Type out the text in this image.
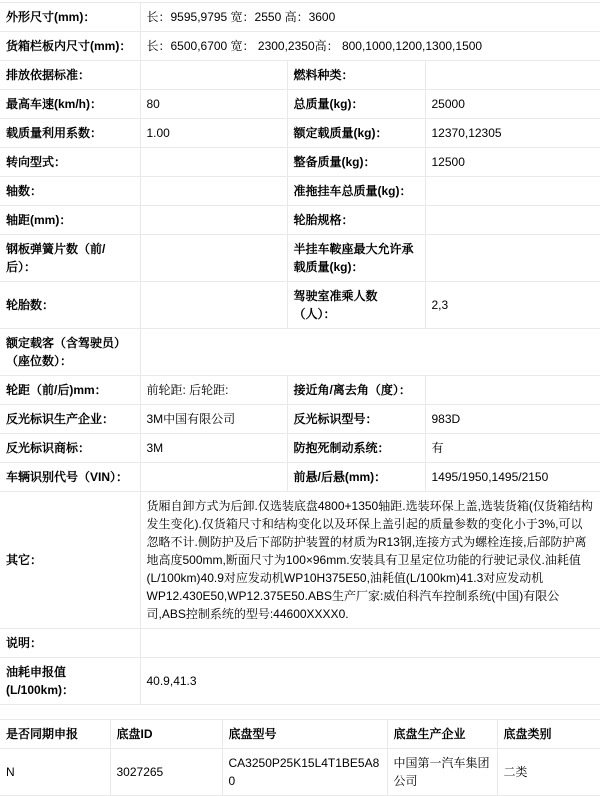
外形尺寸(mm)：	长：9595,9795 宽：2550 高：3600		
货箱栏板内尺寸(mm)：	长：6500,6700 宽： 2300,2350高： 800,1000,1200,1300,1500		
排放依据标准：		燃料种类：	
最高车速(km/h)：	80	总质量(kg)：	25000
载质量利用系数：	1.00	额定载质量(kg)：	12370,12305
转向型式：		整备质量(kg)：	12500
轴数：		准拖挂车总质量(kg)：	
轴距(mm)：		轮胎规格：	
钢板弹簧片数（前/后）：		半挂车鞍座最大允许承载质量(kg)：	
轮胎数：		驾驶室准乘人数（人）：	2,3
额定载客（含驾驶员）（座位数）：			
轮距（前/后)mm：	前轮距: 后轮距:	接近角/离去角（度）：	
反光标识生产企业：	3M中国有限公司	反光标识型号：	983D
反光标识商标：	3M	防抱死制动系统：	有
车辆识别代号（VIN）：		前悬/后悬(mm)：	1495/1950,1495/2150
其它：	货厢自卸方式为后卸.仅选装底盘4800+1350轴距.选装环保上盖,选装货箱(仅货箱结构发生变化).仅货箱尺寸和结构变化以及环保上盖引起的质量参数的变化小于3%,可以忽略不计.侧防护及后下部防护装置的材质为R13钢,连接方式为螺栓连接,后部防护离地高度500mm,断面尺寸为100×96mm.安装具有卫星定位功能的行驶记录仪.油耗值(L/100km)40.9对应发动机WP10H375E50,油耗值(L/100km)41.3对应发动机WP12.430E50,WP12.375E50.ABS生产厂家:威伯科汽车控制系统(中国)有限公司,ABS控制系统的型号:44600XXXX0.		
说明：			
油耗申报值(L/100km)：	40.9,41.3		
是否同期申报	底盘ID	底盘型号	底盘生产企业	底盘类别
N	3027265	CA3250P25K15L4T1BE5A80	中国第一汽车集团公司	二类
